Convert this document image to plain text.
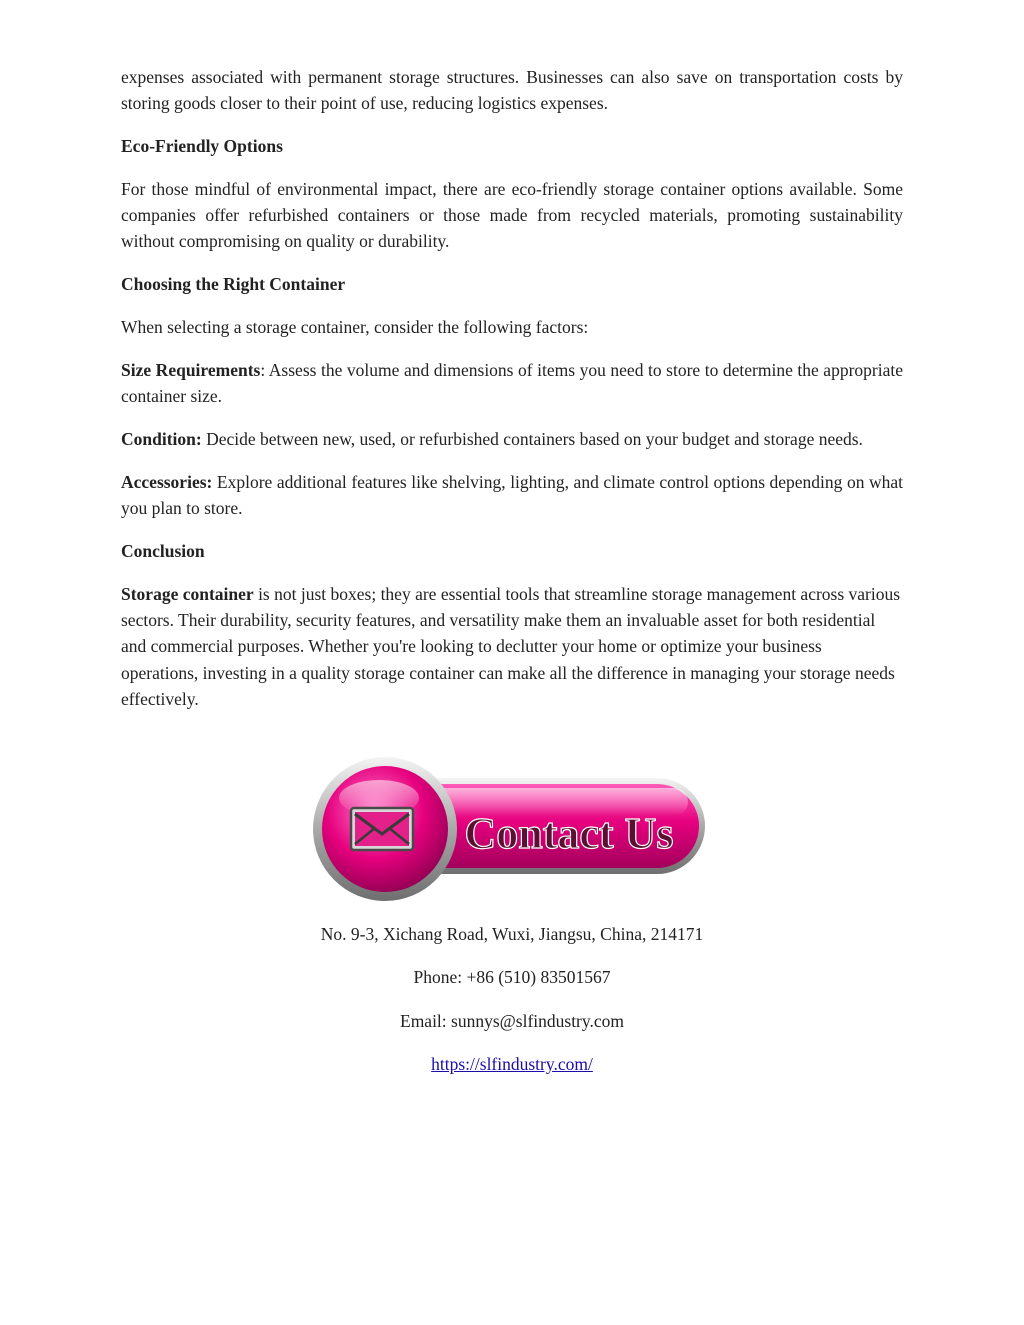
expenses associated with permanent storage structures. Businesses can also save on transportation costs by storing goods closer to their point of use, reducing logistics expenses.

Eco-Friendly Options

For those mindful of environmental impact, there are eco-friendly storage container options available. Some companies offer refurbished containers or those made from recycled materials, promoting sustainability without compromising on quality or durability.

Choosing the Right Container

When selecting a storage container, consider the following factors:

Size Requirements: Assess the volume and dimensions of items you need to store to determine the appropriate container size.

Condition: Decide between new, used, or refurbished containers based on your budget and storage needs.

Accessories: Explore additional features like shelving, lighting, and climate control options depending on what you plan to store.

Conclusion

Storage container is not just boxes; they are essential tools that streamline storage management across various sectors. Their durability, security features, and versatility make them an invaluable asset for both residential and commercial purposes. Whether you're looking to declutter your home or optimize your business operations, investing in a quality storage container can make all the difference in managing your storage needs effectively.

Contact Us
No. 9-3, Xichang Road, Wuxi, Jiangsu, China, 214171
Phone: +86 (510) 83501567
Email: sunnys@slfindustry.com
https://slfindustry.com/
